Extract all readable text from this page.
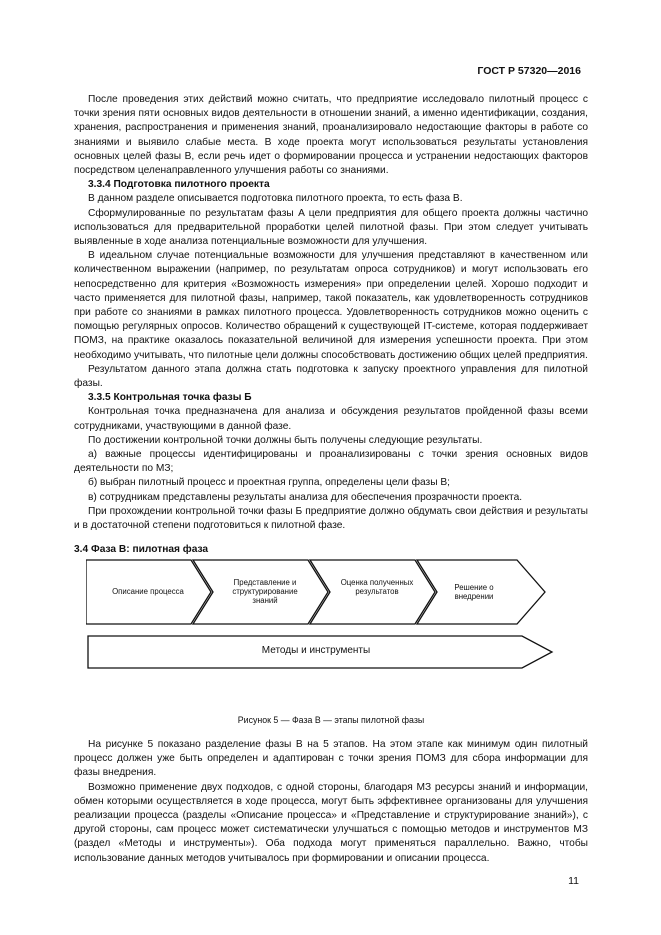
ГОСТ Р 57320—2016

После проведения этих действий можно считать, что предприятие исследовало пилотный процесс с точки зрения пяти основных видов деятельности в отношении знаний, а именно идентификации, создания, хранения, распространения и применения знаний, проанализировало недостающие факторы в работе со знаниями и выявило слабые места. В ходе проекта могут использоваться результаты установления основных целей фазы B, если речь идет о формировании процесса и устранении недостающих факторов посредством целенаправленного улучшения работы со знаниями.

3.3.4 Подготовка пилотного проекта

В данном разделе описывается подготовка пилотного проекта, то есть фаза B.

Сформулированные по результатам фазы A цели предприятия для общего проекта должны частично использоваться для предварительной проработки целей пилотной фазы. При этом следует учитывать выявленные в ходе анализа потенциальные возможности для улучшения.

В идеальном случае потенциальные возможности для улучшения представляют в качественном или количественном выражении (например, по результатам опроса сотрудников) и могут использовать его непосредственно для критерия «Возможность измерения» при определении целей. Хорошо подходит и часто применяется для пилотной фазы, например, такой показатель, как удовлетворенность сотрудников при работе со знаниями в рамках пилотного процесса. Удовлетворенность сотрудников можно оценить с помощью регулярных опросов. Количество обращений к существующей IT-системе, которая поддерживает ПОМЗ, на практике оказалось показательной величиной для измерения успешности проекта. При этом необходимо учитывать, что пилотные цели должны способствовать достижению общих целей предприятия.

Результатом данного этапа должна стать подготовка к запуску проектного управления для пилотной фазы.

3.3.5 Контрольная точка фазы Б

Контрольная точка предназначена для анализа и обсуждения результатов пройденной фазы всеми сотрудниками, участвующими в данной фазе.

По достижении контрольной точки должны быть получены следующие результаты.

а) важные процессы идентифицированы и проанализированы с точки зрения основных видов деятельности по МЗ;

б) выбран пилотный процесс и проектная группа, определены цели фазы B;

в) сотрудникам представлены результаты анализа для обеспечения прозрачности проекта.

При прохождении контрольной точки фазы Б предприятие должно обдумать свои действия и результаты и в достаточной степени подготовиться к пилотной фазе.

3.4 Фаза B: пилотная фаза

Описание процесса
Представление и структурирование знаний
Оценка полученных результатов	Решение о внедрении
Методы и инструменты
Рисунок 5 — Фаза B — этапы пилотной фазы

На рисунке 5 показано разделение фазы B на 5 этапов. На этом этапе как минимум один пилотный процесс должен уже быть определен и адаптирован с точки зрения ПОМЗ для сбора информации для фазы внедрения.

Возможно применение двух подходов, с одной стороны, благодаря МЗ ресурсы знаний и информации, обмен которыми осуществляется в ходе процесса, могут быть эффективнее организованы для улучшения реализации процесса (разделы «Описание процесса» и «Представление и структурирование знаний»), с другой стороны, сам процесс может систематически улучшаться с помощью методов и инструментов МЗ (раздел «Методы и инструменты»). Оба подхода могут применяться параллельно. Важно, чтобы использование данных методов учитывалось при формировании и описании процесса.

11
